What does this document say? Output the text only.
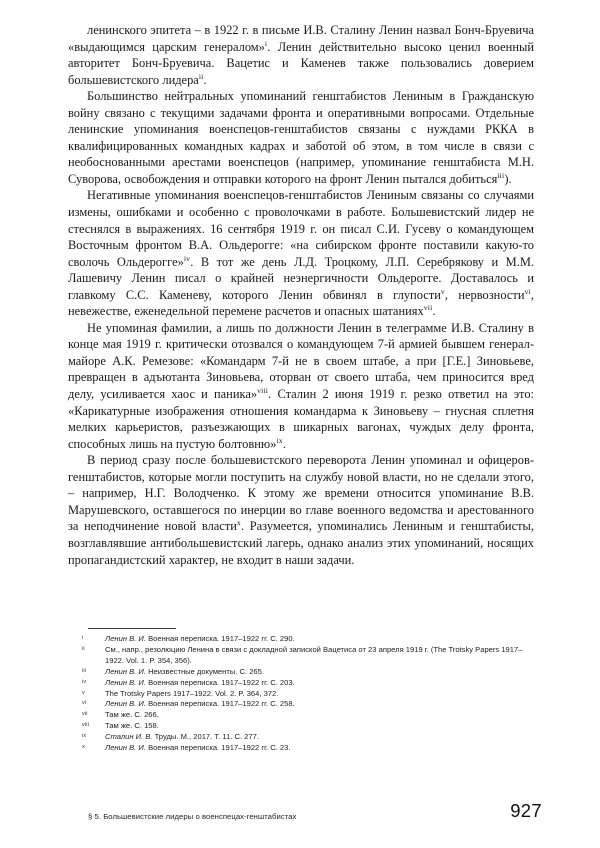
ленинского эпитета – в 1922 г. в письме И.В. Сталину Ленин назвал Бонч-Бруевича «выдающимся царским генералом»$^i$. Ленин действительно высоко ценил военный авторитет Бонч-Бруевича. Вацетис и Каменев также пользовались доверием большевистского лидера$^{ii}$.

Большинство нейтральных упоминаний генштабистов Лениным в Гражданскую войну связано с текущими задачами фронта и оперативными вопросами. Отдельные ленинские упоминания военспецов-генштабистов связаны с нуждами РККА в квалифицированных командных кадрах и заботой об этом, в том числе в связи с необоснованными арестами военспецов (например, упоминание генштабиста М.Н. Суворова, освобождения и отправки которого на фронт Ленин пытался добиться$^{iii}$).

Негативные упоминания военспецов-генштабистов Лениным связаны со случаями измены, ошибками и особенно с проволочками в работе. Большевистский лидер не стеснялся в выражениях. 16 сентября 1919 г. он писал С.И. Гусеву о командующем Восточным фронтом В.А. Ольдерогге: «на сибирском фронте поставили какую-то сволочь Ольдерогге»$^{iv}$. В тот же день Л.Д. Троцкому, Л.П. Серебрякову и М.М. Лашевичу Ленин писал о крайней неэнергичности Ольдерогге. Доставалось и главкому С.С. Каменеву, которого Ленин обвинял в глупости$^v$, нервозности$^{vi}$, невежестве, еженедельной перемене расчетов и опасных шатаниях$^{vii}$.

Не упоминая фамилии, а лишь по должности Ленин в телеграмме И.В. Сталину в конце мая 1919 г. критически отозвался о командующем 7-й армией бывшем генерал-майоре А.К. Ремезове: «Командарм 7-й не в своем штабе, а при [Г.Е.] Зиновьеве, превращен в адъютанта Зиновьева, оторван от своего штаба, чем приносится вред делу, усиливается хаос и паника»$^{viii}$. Сталин 2 июня 1919 г. резко ответил на это: «Карикатурные изображения отношения командарма к Зиновьеву – гнусная сплетня мелких карьеристов, разъезжающих в шикарных вагонах, чуждых делу фронта, способных лишь на пустую болтовню»$^{ix}$.

В период сразу после большевистского переворота Ленин упоминал и офицеров-генштабистов, которые могли поступить на службу новой власти, но не сделали этого, – например, Н.Г. Володченко. К этому же времени относится упоминание В.В. Марушевского, оставшегося по инерции во главе военного ведомства и арестованного за неподчинение новой власти$^x$. Разумеется, упоминались Лениным и генштабисты, возглавлявшие антибольшевистский лагерь, однако анализ этих упоминаний, носящих пропагандистский характер, не входит в наши задачи.

i	Ленин В. И. Военная переписка. 1917–1922 гг. С. 290.
ii	См., напр., резолюцию Ленина в связи с докладной запиской Вацетиса от 23 апреля 1919 г. (The Trotsky Papers 1917–1922. Vol. 1. P. 354, 356).
iii	Ленин В. И. Неизвестные документы. С. 265.
iv	Ленин В. И. Военная переписка. 1917–1922 гг. С. 203.
v	The Trotsky Papers 1917–1922. Vol. 2. P. 364, 372.
vi	Ленин В. И. Военная переписка. 1917–1922 гг. С. 258.
vii	Там же. С. 266.
viii	Там же. С. 158.
ix	Сталин И. В. Труды. М., 2017. Т. 11. С. 277.
x	Ленин В. И. Военная переписка. 1917–1922 гг. С. 23.
§ 5. Большевистские лидеры о военспецах-генштабистах	927
